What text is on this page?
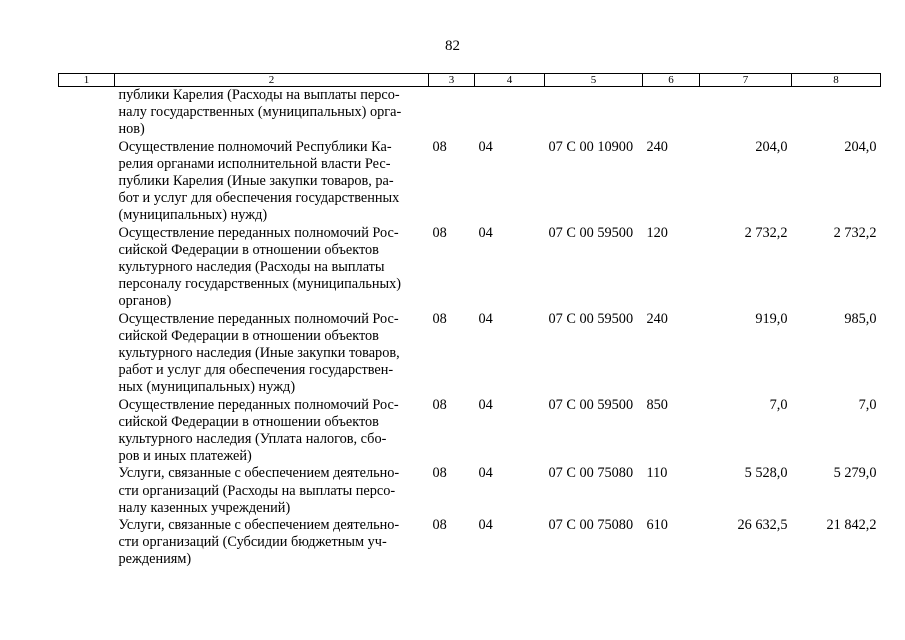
82
1	2	3	4	5	6	7	8

	публики Карелия (Расходы на выплаты персо-
налу государственных (муниципальных) орга-
нов)						

	Осуществление полномочий Республики Ка-
релия органами исполнительной власти Рес-
публики Карелия (Иные закупки товаров, ра-
бот и услуг для обеспечения государственных
(муниципальных) нужд)	08	04	07 С 00 10900	240	204,0	204,0

	Осуществление переданных полномочий Рос-
сийской Федерации в отношении объектов
культурного наследия (Расходы на выплаты
персоналу государственных (муниципальных)
органов)	08	04	07 С 00 59500	120	2 732,2	2 732,2

	Осуществление переданных полномочий Рос-
сийской Федерации в отношении объектов
культурного наследия (Иные закупки товаров,
работ и услуг для обеспечения государствен-
ных (муниципальных) нужд)	08	04	07 С 00 59500	240	919,0	985,0

	Осуществление переданных полномочий Рос-
сийской Федерации в отношении объектов
культурного наследия (Уплата налогов, сбо-
ров и иных платежей)	08	04	07 С 00 59500	850	7,0	7,0

	Услуги, связанные с обеспечением деятельно-
сти организаций (Расходы на выплаты персо-
налу казенных учреждений)	08	04	07 С 00 75080	110	5 528,0	5 279,0

	Услуги, связанные с обеспечением деятельно-
сти организаций (Субсидии бюджетным уч-
реждениям)	08	04	07 С 00 75080	610	26 632,5	21 842,2
